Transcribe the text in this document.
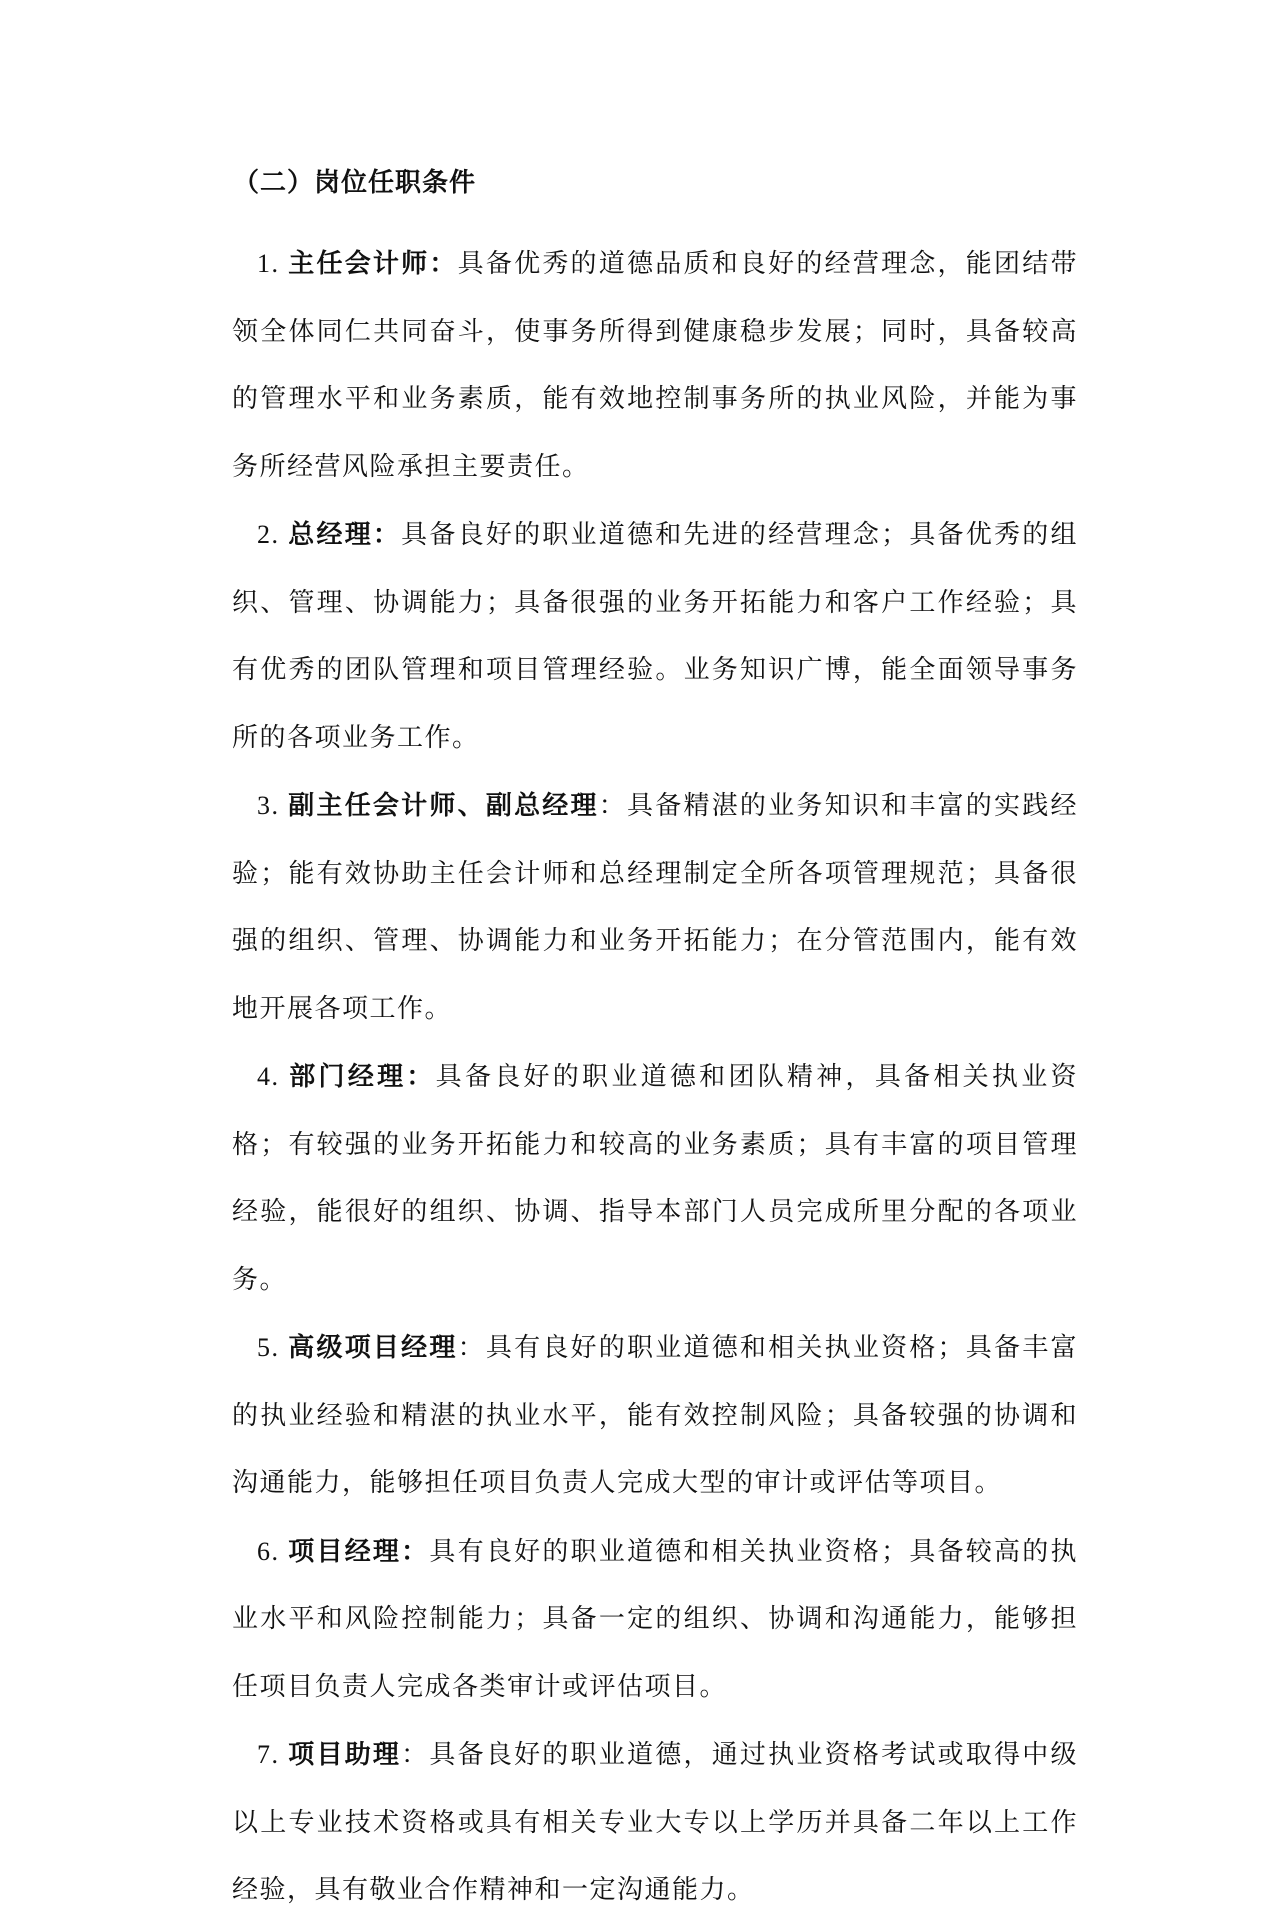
（二）岗位任职条件
1. 主任会计师：具备优秀的道德品质和良好的经营理念，能团结带领全体同仁共同奋斗，使事务所得到健康稳步发展；同时，具备较高的管理水平和业务素质，能有效地控制事务所的执业风险，并能为事务所经营风险承担主要责任。
2. 总经理：具备良好的职业道德和先进的经营理念；具备优秀的组织、管理、协调能力；具备很强的业务开拓能力和客户工作经验；具有优秀的团队管理和项目管理经验。业务知识广博，能全面领导事务所的各项业务工作。
3. 副主任会计师、副总经理：具备精湛的业务知识和丰富的实践经验；能有效协助主任会计师和总经理制定全所各项管理规范；具备很强的组织、管理、协调能力和业务开拓能力；在分管范围内，能有效地开展各项工作。
4. 部门经理：具备良好的职业道德和团队精神，具备相关执业资格；有较强的业务开拓能力和较高的业务素质；具有丰富的项目管理经验，能很好的组织、协调、指导本部门人员完成所里分配的各项业务。
5. 高级项目经理：具有良好的职业道德和相关执业资格；具备丰富的执业经验和精湛的执业水平，能有效控制风险；具备较强的协调和沟通能力，能够担任项目负责人完成大型的审计或评估等项目。
6. 项目经理：具有良好的职业道德和相关执业资格；具备较高的执业水平和风险控制能力；具备一定的组织、协调和沟通能力，能够担任项目负责人完成各类审计或评估项目。
7. 项目助理：具备良好的职业道德，通过执业资格考试或取得中级以上专业技术资格或具有相关专业大专以上学历并具备二年以上工作经验，具有敬业合作精神和一定沟通能力。
